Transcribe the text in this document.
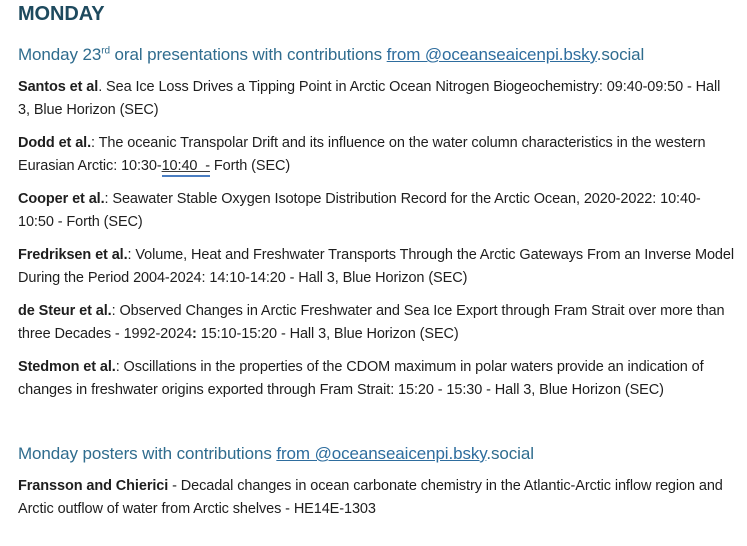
MONDAY
Monday 23rd oral presentations with contributions from @oceanseaicenpi.bsky.social

Santos et al. Sea Ice Loss Drives a Tipping Point in Arctic Ocean Nitrogen Biogeochemistry: 09:40-09:50 - Hall 3, Blue Horizon (SEC)

Dodd et al.: The oceanic Transpolar Drift and its influence on the water column characteristics in the western Eurasian Arctic: 10:30-10:40  - Forth (SEC)

Cooper et al.: Seawater Stable Oxygen Isotope Distribution Record for the Arctic Ocean, 2020-2022: 10:40-10:50 - Forth (SEC)

Fredriksen et al.: Volume, Heat and Freshwater Transports Through the Arctic Gateways From an Inverse Model During the Period 2004-2024: 14:10-14:20 - Hall 3, Blue Horizon (SEC)

de Steur et al.: Observed Changes in Arctic Freshwater and Sea Ice Export through Fram Strait over more than three Decades - 1992-2024: 15:10-15:20 - Hall 3, Blue Horizon (SEC)

Stedmon et al.: Oscillations in the properties of the CDOM maximum in polar waters provide an indication of changes in freshwater origins exported through Fram Strait: 15:20 - 15:30 - Hall 3, Blue Horizon (SEC)

Monday posters with contributions from @oceanseaicenpi.bsky.social

Fransson and Chierici - Decadal changes in ocean carbonate chemistry in the Atlantic-Arctic inflow region and Arctic outflow of water from Arctic shelves - HE14E-1303
